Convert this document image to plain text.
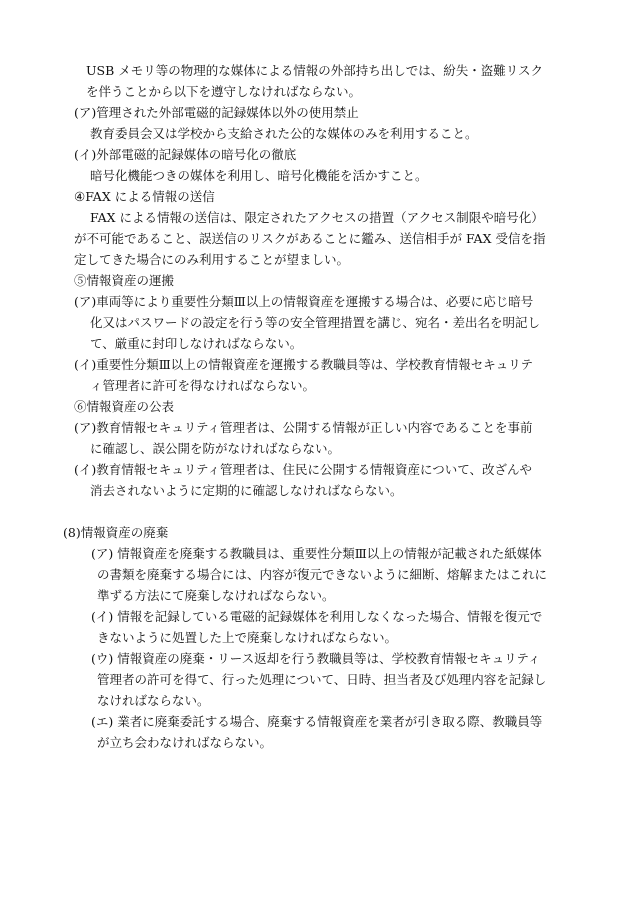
USB メモリ等の物理的な媒体による情報の外部持ち出しでは、紛失・盗難リスク
を伴うことから以下を遵守しなければならない。
(ア)管理された外部電磁的記録媒体以外の使用禁止
教育委員会又は学校から支給された公的な媒体のみを利用すること。
(イ)外部電磁的記録媒体の暗号化の徹底
暗号化機能つきの媒体を利用し、暗号化機能を活かすこと。
④FAX による情報の送信
FAX による情報の送信は、限定されたアクセスの措置（アクセス制限や暗号化）
が不可能であること、誤送信のリスクがあることに鑑み、送信相手が FAX 受信を指
定してきた場合にのみ利用することが望ましい。
⑤情報資産の運搬
(ア)車両等により重要性分類Ⅲ以上の情報資産を運搬する場合は、必要に応じ暗号
化又はパスワードの設定を行う等の安全管理措置を講じ、宛名・差出名を明記し
て、厳重に封印しなければならない。
(イ)重要性分類Ⅲ以上の情報資産を運搬する教職員等は、学校教育情報セキュリテ
ィ管理者に許可を得なければならない。
⑥情報資産の公表
(ア)教育情報セキュリティ管理者は、公開する情報が正しい内容であることを事前
に確認し、誤公開を防がなければならない。
(イ)教育情報セキュリティ管理者は、住民に公開する情報資産について、改ざんや
消去されないように定期的に確認しなければならない。
(8)情報資産の廃棄
(ア) 情報資産を廃棄する教職員は、重要性分類Ⅲ以上の情報が記載された紙媒体
の書類を廃棄する場合には、内容が復元できないように細断、熔解またはこれに
準ずる方法にて廃棄しなければならない。
(イ) 情報を記録している電磁的記録媒体を利用しなくなった場合、情報を復元で
きないように処置した上で廃棄しなければならない。
(ウ) 情報資産の廃棄・リース返却を行う教職員等は、学校教育情報セキュリティ
管理者の許可を得て、行った処理について、日時、担当者及び処理内容を記録し
なければならない。
(エ) 業者に廃棄委託する場合、廃棄する情報資産を業者が引き取る際、教職員等
が立ち会わなければならない。
